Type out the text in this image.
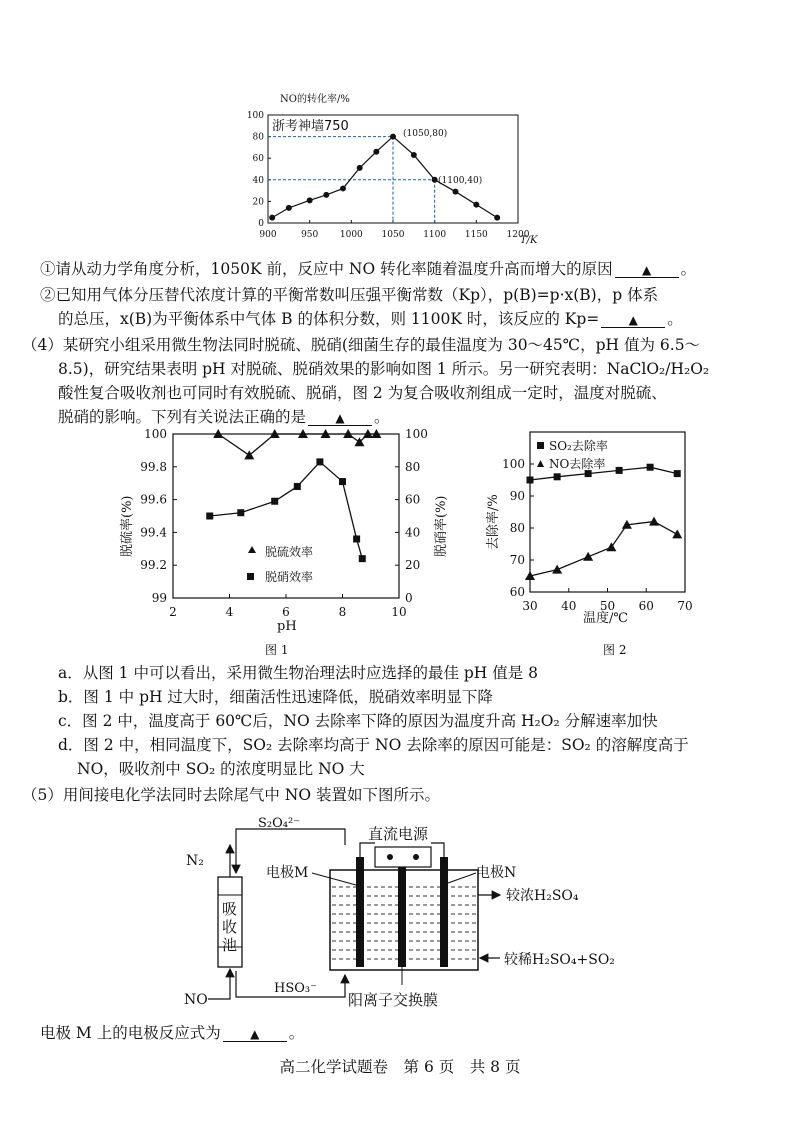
NO的转化率/%
浙考神墙750
900	950 1000 1050 1100 1150 1200
0
20
40
60
80
100
(1050,80)
(1100,40)
T/K
①请从动力学角度分析，1050K 前，反应中 NO 转化率随着温度升高而增大的原因 ▲ 。
②已知用气体分压替代浓度计算的平衡常数叫压强平衡常数（Kp），p(B)=p·x(B)，p 体系
的总压，x(B)为平衡体系中气体 B 的体积分数，则 1100K 时，该反应的 Kp= ▲ 。
（4）某研究小组采用微生物法同时脱硫、脱硝(细菌生存的最佳温度为 30～45℃，pH 值为 6.5～
8.5)，研究结果表明 pH 对脱硫、脱硝效果的影响如图 1 所示。另一研究表明：NaClO₂/H₂O₂
酸性复合吸收剂也可同时有效脱硫、脱硝，图 2 为复合吸收剂组成一定时，温度对脱硫、
脱硝的影响。下列有关说法正确的是 ▲ 。
2	4	6	8	10
99
99.2
99.4
99.6
99.8
100
0
20
40
60
80
100
脱硫率(%)	脱硝率(%)
脱硫效率
脱硝效率
pH
图 1
30 40 50 60 70
60
70
80
90
100
SO₂去除率
NO去除率
去除率/%
温度/℃
图 2
a．从图 1 中可以看出，采用微生物治理法时应选择的最佳 pH 值是 8
b．图 1 中 pH 过大时，细菌活性迅速降低，脱硝效率明显下降
c．图 2 中，温度高于 60℃后，NO 去除率下降的原因为温度升高 H₂O₂ 分解速率加快
d．图 2 中，相同温度下，SO₂ 去除率均高于 NO 去除率的原因可能是：SO₂ 的溶解度高于
NO，吸收剂中 SO₂ 的浓度明显比 NO 大
（5）用间接电化学法同时去除尾气中 NO 装置如下图所示。
吸
收
池
N₂
NO
S₂O₄²⁻
HSO₃⁻
直流电源
电极M	电极N
较浓H₂SO₄
较稀H₂SO₄+SO₂
阳离子交换膜
电极 M 上的电极反应式为 ▲ 。
高二化学试题卷　第 6 页　共 8 页
